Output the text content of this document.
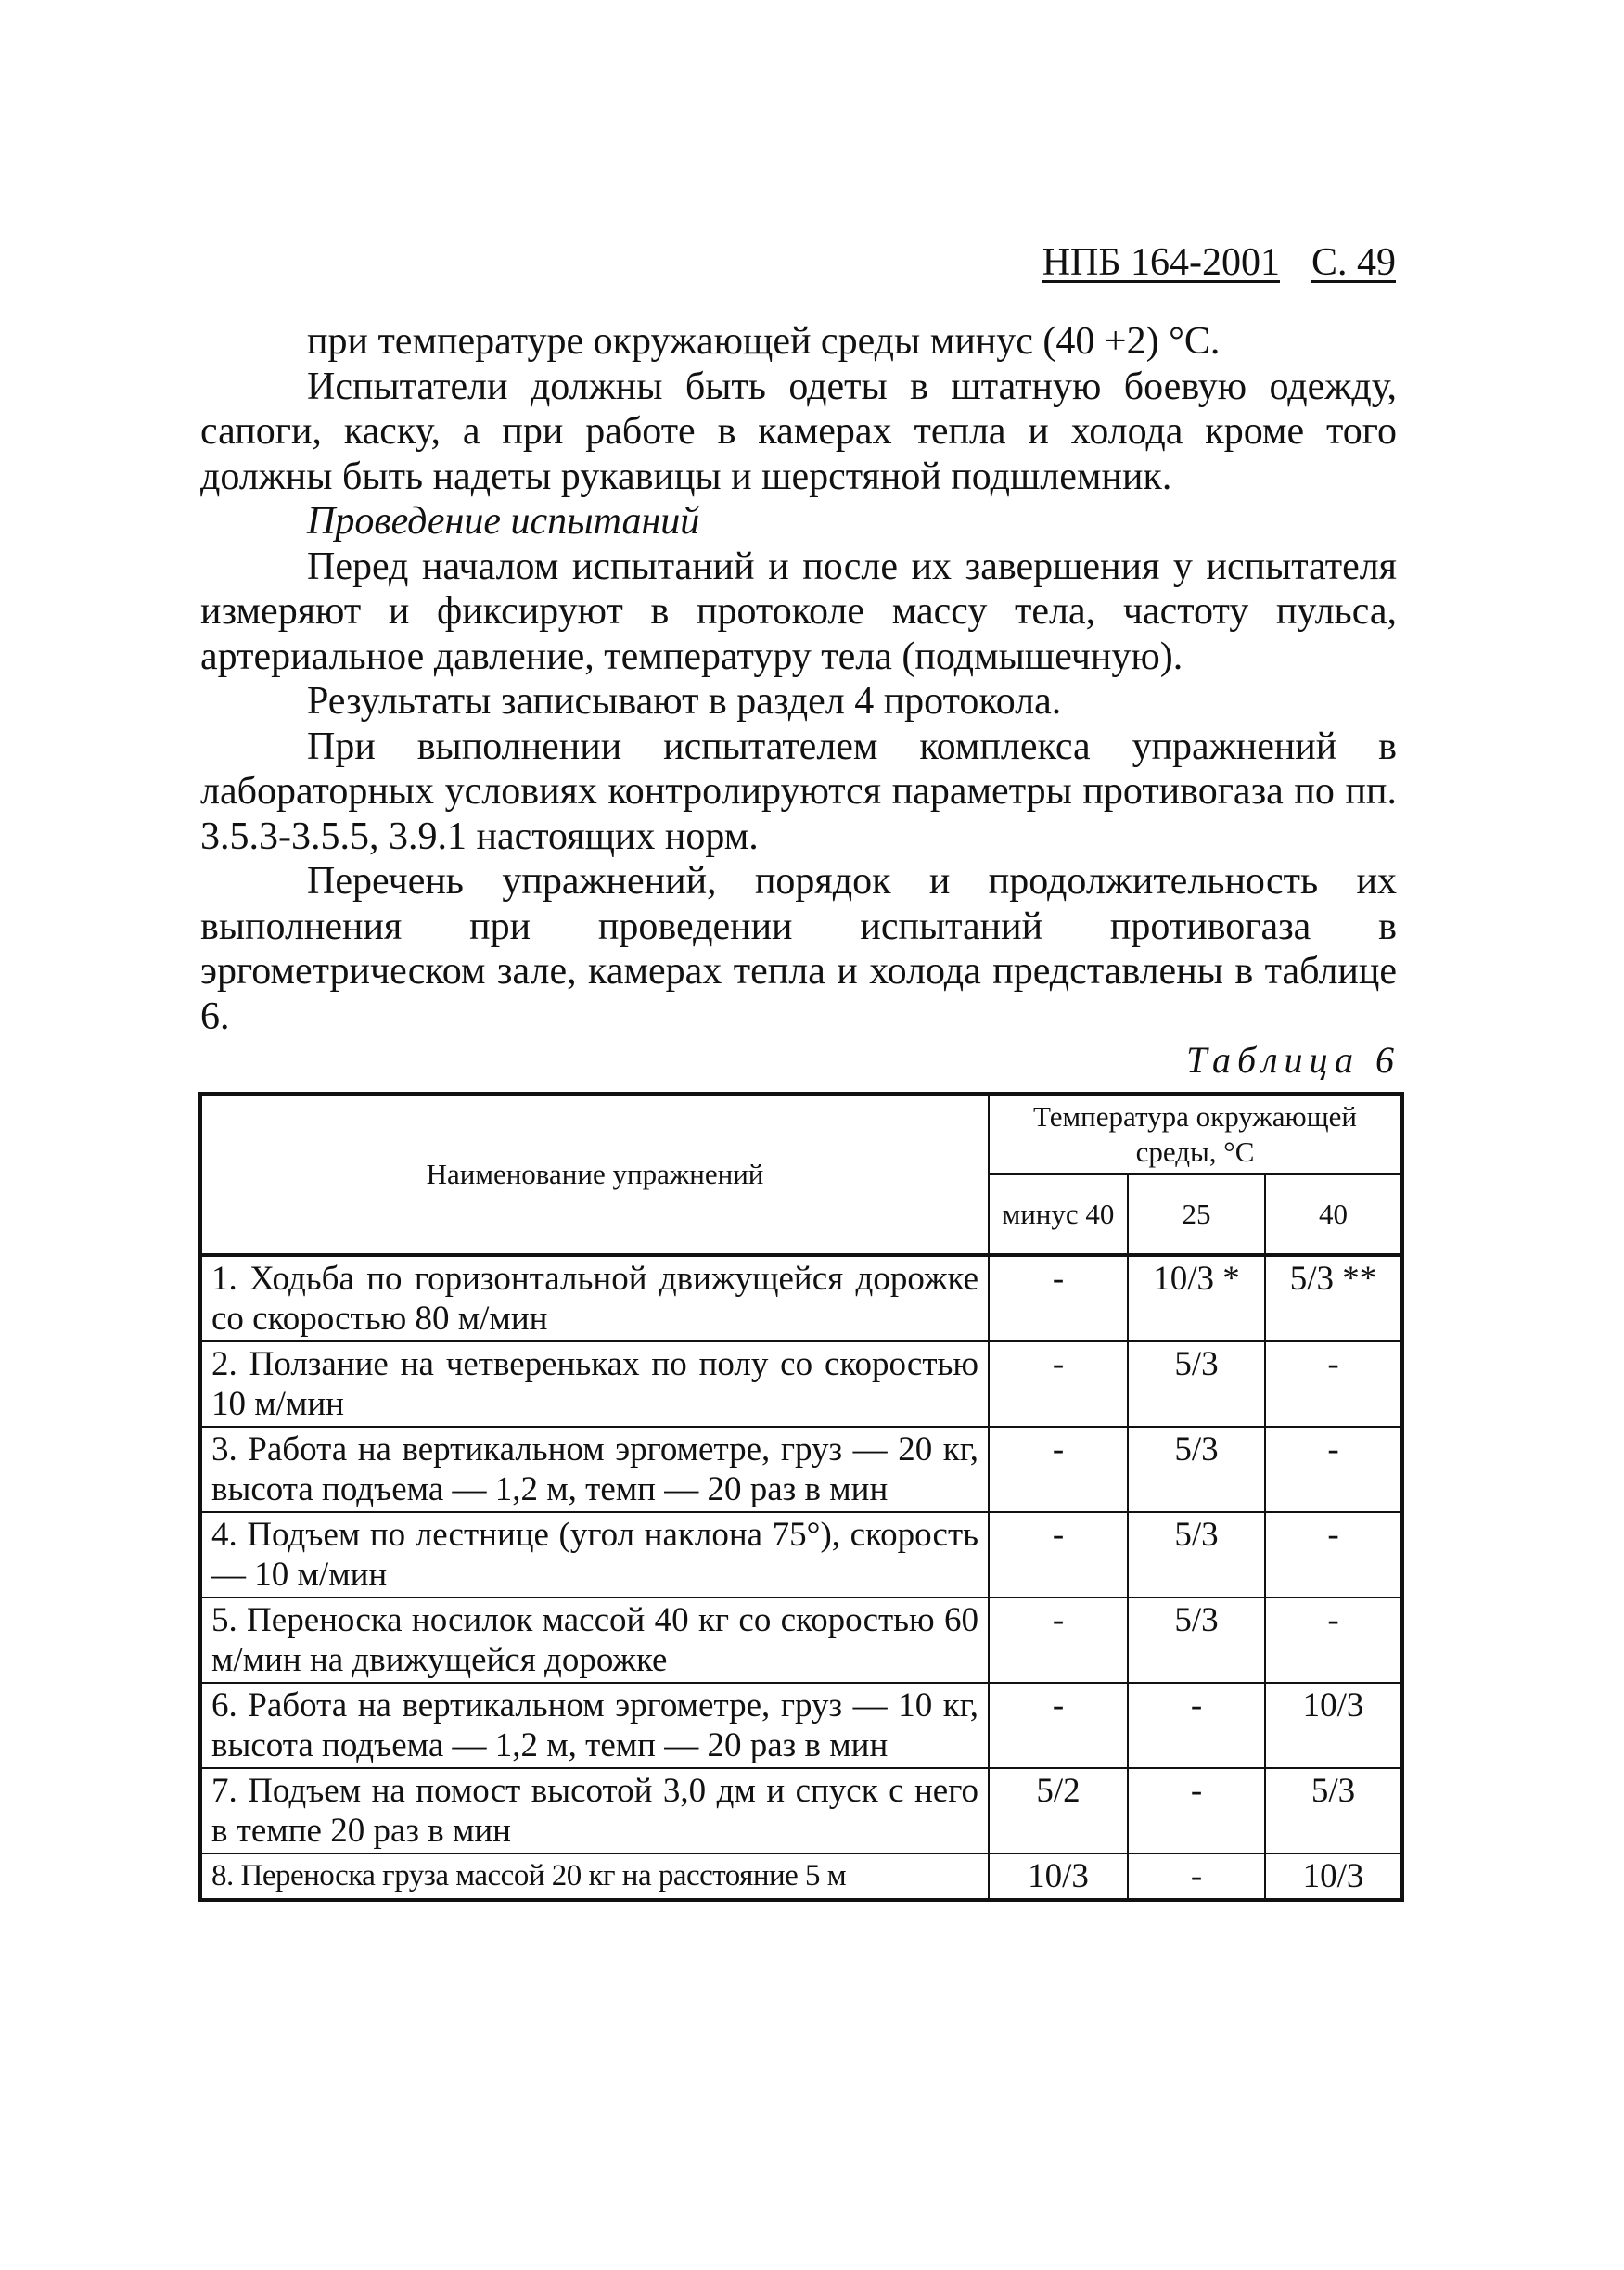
НПБ 164-2001 С. 49

при температуре окружающей среды минус (40 +2) °С.

Испытатели должны быть одеты в штатную боевую одежду, сапоги, каску, а при работе в камерах тепла и холода кроме того должны быть надеты рукавицы и шерстяной подшлемник.

Проведение испытаний

Перед началом испытаний и после их завершения у испытателя измеряют и фиксируют в протоколе массу тела, частоту пульса, артериальное давление, температуру тела (подмышечную).

Результаты записывают в раздел 4 протокола.

При выполнении испытателем комплекса упражнений в лабораторных условиях контролируются параметры противогаза по пп. 3.5.3-3.5.5, 3.9.1 настоящих норм.

Перечень упражнений, порядок и продолжительность их выполнения при проведении испытаний противогаза в эргометрическом зале, камерах тепла и холода представлены в таблице 6.

Таблица 6
Наименование упражнений	Температура окружающей среды, °С		
	минус 40	25	40
1. Ходьба по горизонтальной движущейся дорожке со скоростью 80 м/мин	-	10/3 *	5/3 **
2. Ползание на четвереньках по полу со скоростью 10 м/мин	-	5/3	-
3. Работа на вертикальном эргометре, груз — 20 кг, высота подъема — 1,2 м, темп — 20 раз в мин	-	5/3	-
4. Подъем по лестнице (угол наклона 75°), скорость — 10 м/мин	-	5/3	-
5. Переноска носилок массой 40 кг со скоростью 60 м/мин на движущейся дорожке	-	5/3	-
6. Работа на вертикальном эргометре, груз — 10 кг, высота подъема — 1,2 м, темп — 20 раз в мин	-	-	10/3
7. Подъем на помост высотой 3,0 дм и спуск с него в темпе 20 раз в мин	5/2	-	5/3
8. Переноска груза массой 20 кг на расстояние 5 м	10/3	-	10/3
